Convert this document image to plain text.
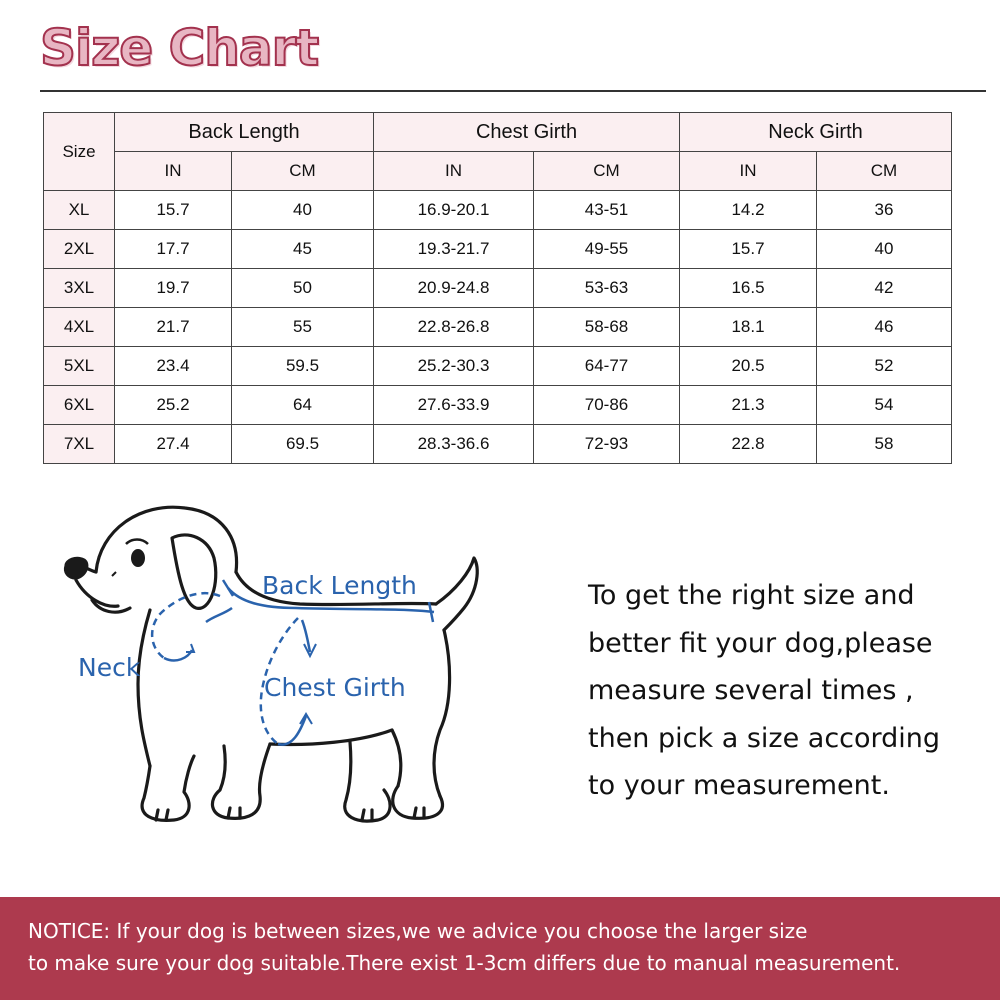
Size Chart
Size	Back Length		Chest Girth		Neck Girth	
	IN	CM	IN	CM	IN	CM
XL	15.7	40	16.9-20.1	43-51	14.2	36
2XL	17.7	45	19.3-21.7	49-55	15.7	40
3XL	19.7	50	20.9-24.8	53-63	16.5	42
4XL	21.7	55	22.8-26.8	58-68	18.1	46
5XL	23.4	59.5	25.2-30.3	64-77	20.5	52
6XL	25.2	64	27.6-33.9	70-86	21.3	54
7XL	27.4	69.5	28.3-36.6	72-93	22.8	58
Back Length
Neck
Chest Girth
To get the right size and
better fit your dog,please
measure several times ,
then pick a size according
to your measurement.
NOTICE: If your dog is between sizes,we we advice you choose the larger size
to make sure your dog suitable.There exist 1-3cm differs due to manual measurement.
